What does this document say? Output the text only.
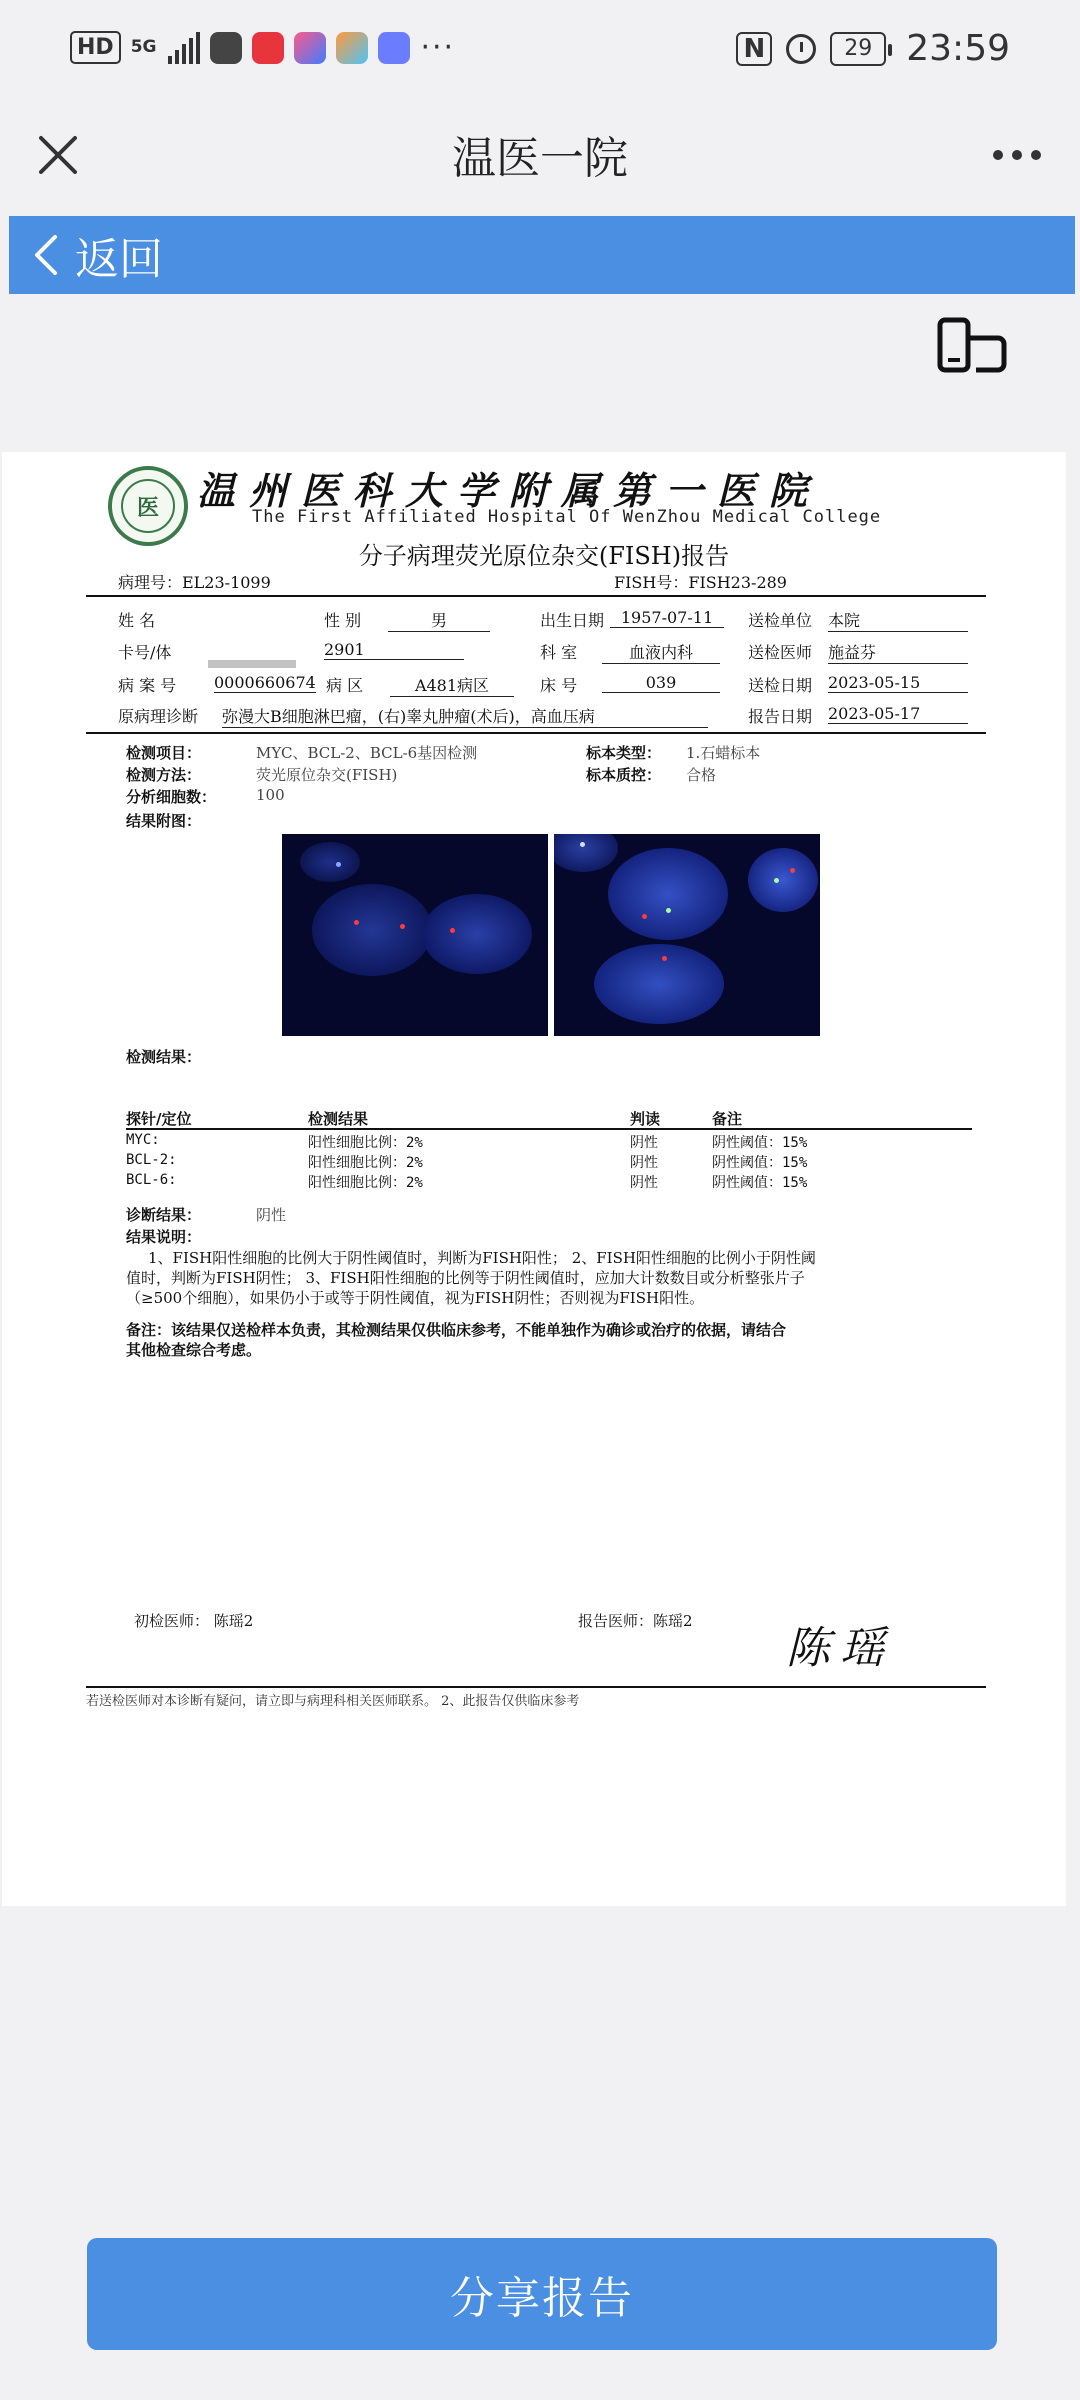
HD	5G	···	N	29 23:59
温医一院
返回
医	温州医科大学附属第一医院
The First Affiliated Hospital Of WenZhou Medical College
分子病理荧光原位杂交(FISH)报告
病理号：EL23-1099	FISH号：FISH23-289
姓 名	性 别	男	出生日期	1957-07-11	送检单位 本院
卡号/体	2901	科 室	血液内科	送检医师 施益芬
病 案 号 0000660674 病 区	A481病区	床 号	039	送检日期 2023-05-15
原病理诊断 弥漫大B细胞淋巴瘤，(右)睾丸肿瘤(术后)，高血压病	报告日期 2023-05-17
检测项目：	MYC、BCL-2、BCL-6基因检测	标本类型： 1.石蜡标本
检测方法：	荧光原位杂交(FISH)	标本质控： 合格
分析细胞数：	100
结果附图：
检测结果：
探针/定位	检测结果	判读	备注
MYC:	阳性细胞比例：2%	阴性	阴性阈值：15%
BCL-2:	阳性细胞比例：2%	阴性	阴性阈值：15%
BCL-6:	阳性细胞比例：2%	阴性	阴性阈值：15%
诊断结果：	阴性
结果说明：
1、FISH阳性细胞的比例大于阴性阈值时，判断为FISH阳性； 2、FISH阳性细胞的比例小于阴性阈
值时，判断为FISH阴性； 3、FISH阳性细胞的比例等于阴性阈值时，应加大计数数目或分析整张片子
（≥500个细胞），如果仍小于或等于阴性阈值，视为FISH阴性；否则视为FISH阳性。
备注：该结果仅送检样本负责，其检测结果仅供临床参考，不能单独作为确诊或治疗的依据，请结合
其他检查综合考虑。
初检医师： 陈瑶2	报告医师：陈瑶2
陈瑶
若送检医师对本诊断有疑问，请立即与病理科相关医师联系。 2、此报告仅供临床参考
分享报告
